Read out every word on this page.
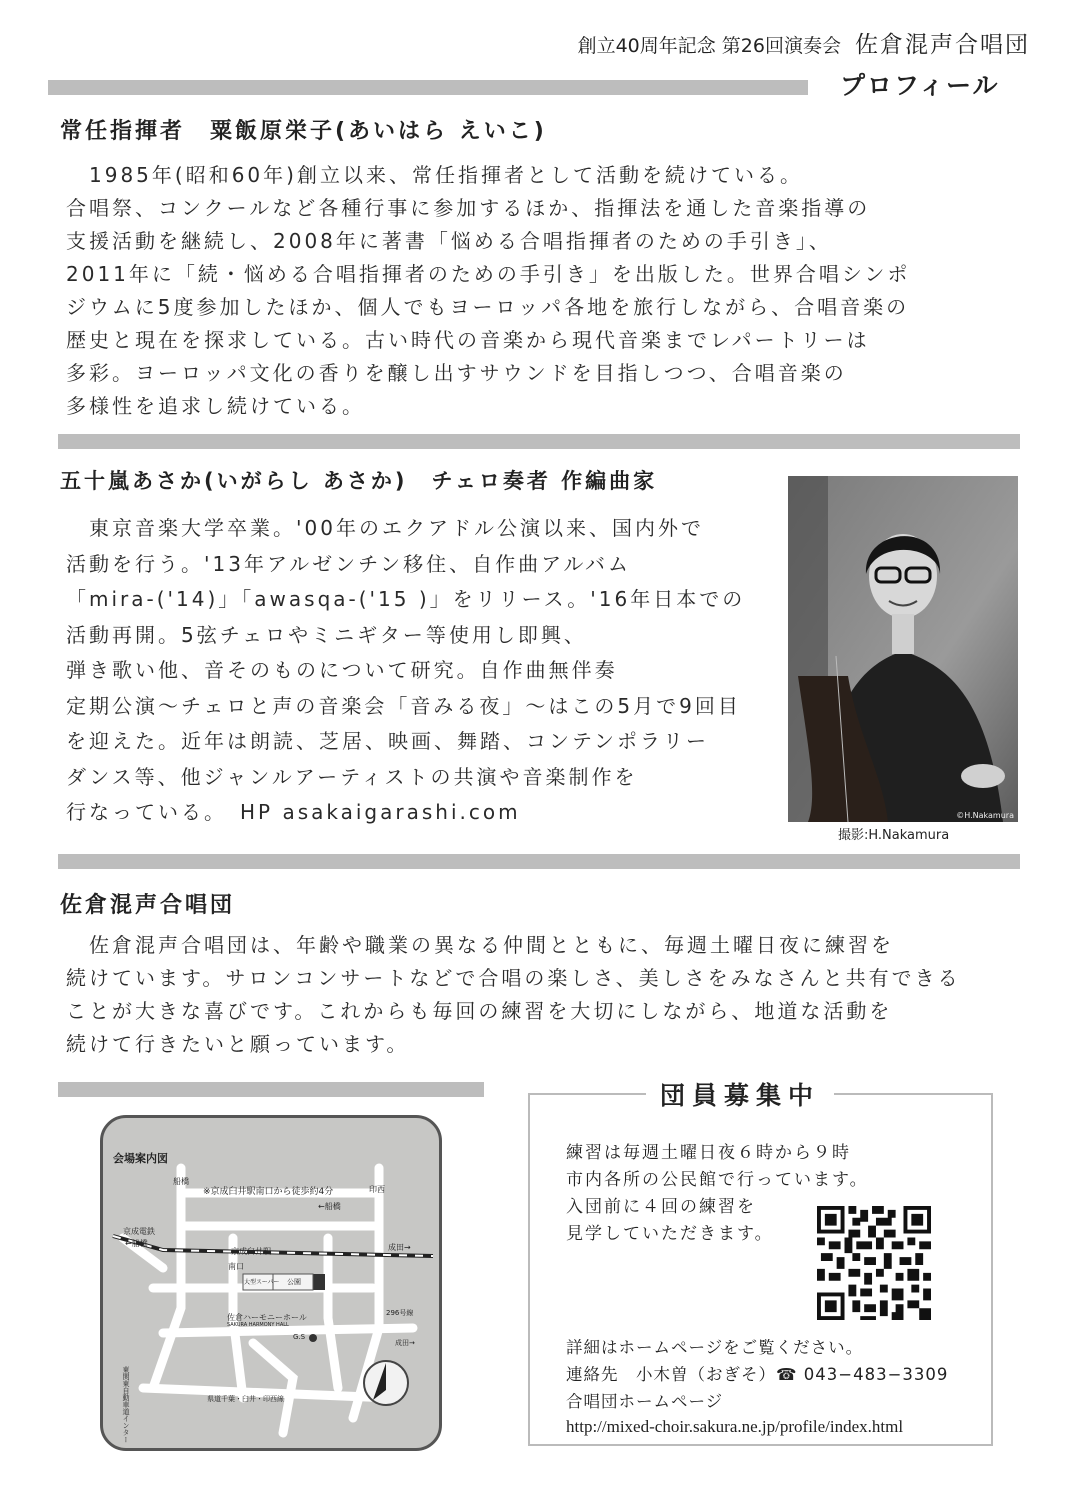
創立40周年記念 第26回演奏会 佐倉混声合唱団
プロフィール
常任指揮者　粟飯原栄子(あいはら えいこ)

　1985年(昭和60年)創立以来、常任指揮者として活動を続けている。

合唱祭、コンクールなど各種行事に参加するほか、指揮法を通した音楽指導の

支援活動を継続し、2008年に著書「悩める合唱指揮者のための手引き」、

2011年に「続・悩める合唱指揮者のための手引き」を出版した。世界合唱シンポ

ジウムに5度参加したほか、個人でもヨーロッパ各地を旅行しながら、合唱音楽の

歴史と現在を探求している。古い時代の音楽から現代音楽までレパートリーは

多彩。ヨーロッパ文化の香りを醸し出すサウンドを目指しつつ、合唱音楽の

多様性を追求し続けている。

五十嵐あさか(いがらし あさか)　チェロ奏者 作編曲家

　東京音楽大学卒業。'00年のエクアドル公演以来、国内外で

活動を行う。'13年アルゼンチン移住、自作曲アルバム

「mira-('14)」「awasqa-('15 )」をリリース。'16年日本での

活動再開。5弦チェロやミニギター等使用し即興、

弾き歌い他、音そのものについて研究。自作曲無伴奏

定期公演〜チェロと声の音楽会「音みる夜」〜はこの5月で9回目

を迎えた。近年は朗読、芝居、映画、舞踏、コンテンポラリー

ダンス等、他ジャンルアーティストの共演や音楽制作を

行なっている。　HP asakaigarashi.com	©H.Nakamura
撮影:H.Nakamura
佐倉混声合唱団

　佐倉混声合唱団は、年齢や職業の異なる仲間とともに、毎週土曜日夜に練習を

続けています。サロンコンサートなどで合唱の楽しさ、美しさをみなさんと共有できる

ことが大きな喜びです。これからも毎回の練習を大切にしながら、地道な活動を

続けて行きたいと願っています。

会場案内図
船橋
※京成臼井駅南口から徒歩約4分	印西
←船橋
京成電鉄
←船橋
京成臼井駅	成田→
南口
大型スーパー 公園
佐倉ハーモニーホール
SAKURA HARMONY HALL
296号線
G.S
成田→
東関東自動車道インター	県道千葉・臼井・印西線
団員募集中
練習は毎週土曜日夜６時から９時
市内各所の公民館で行っています。
入団前に４回の練習を
見学していただきます。
詳細はホームページをご覧ください。
連絡先　小木曽（おぎそ）☎ 043−483−3309
合唱団ホームページ
http://mixed-choir.sakura.ne.jp/profile/index.html
